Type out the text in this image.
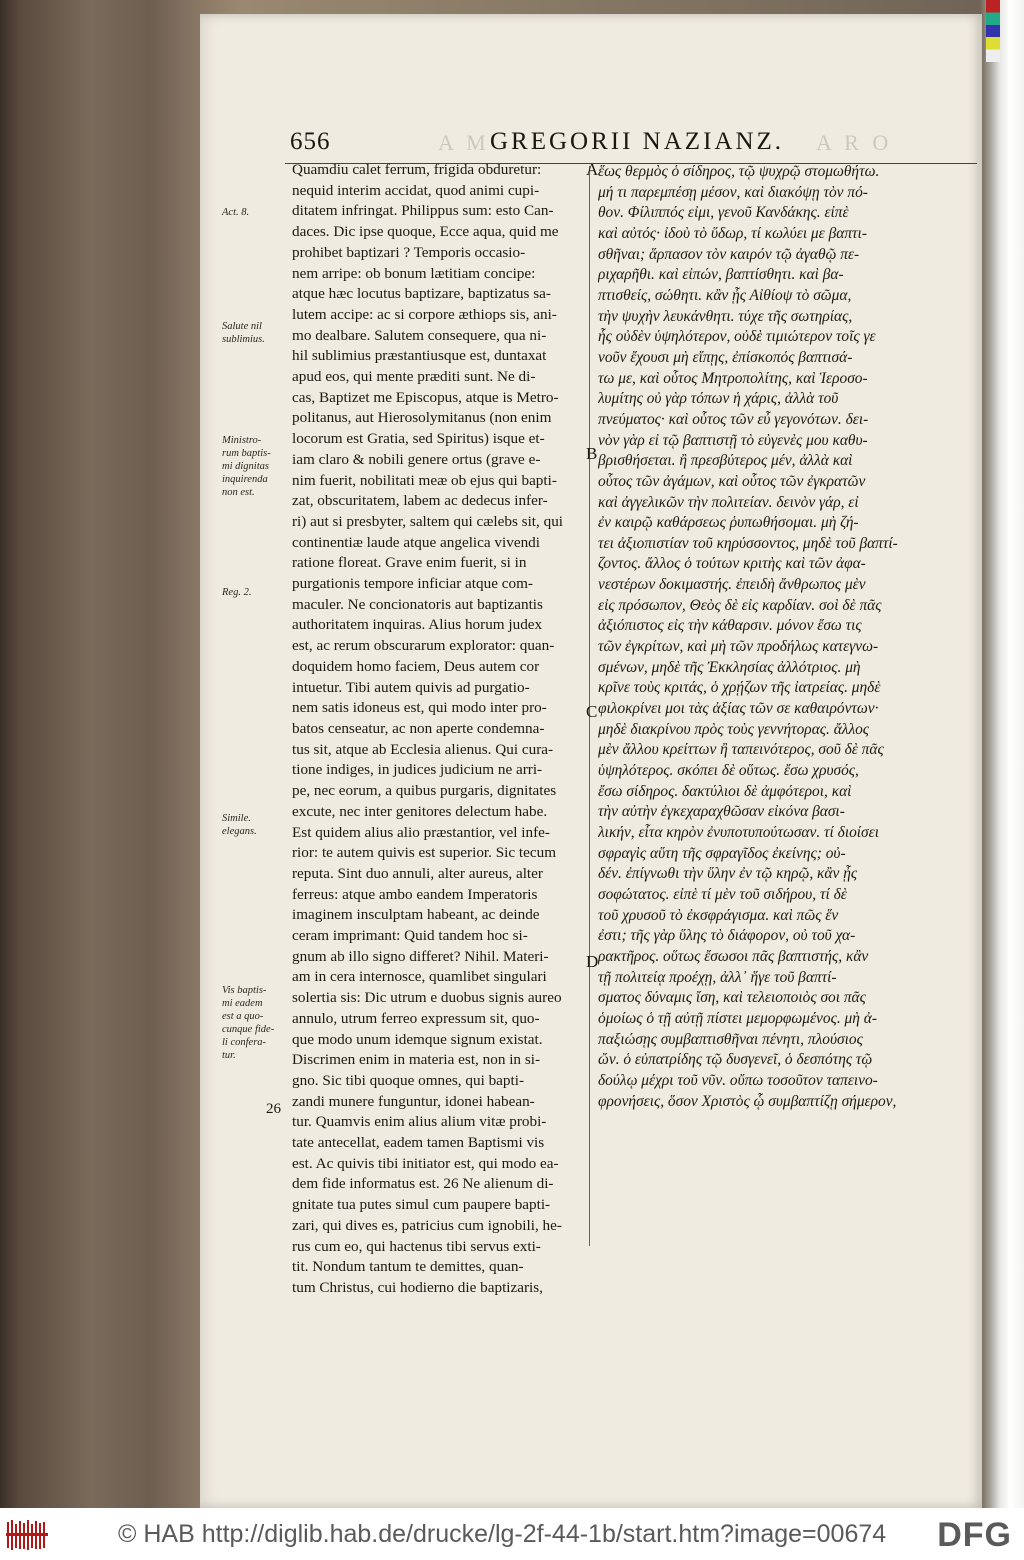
A M	A R O
656	GREGORII NAZIANZ.
Act. 8.
Salute nil
sublimius.
Ministro-
rum baptis-
mi dignitas
inquirenda
non est.
Reg. 2.
Simile.
elegans.
Vis baptis-
mi eadem
est a quo-
cunque fide-
li confera-
tur.
Quamdiu calet ferrum, frigida obduretur:
nequid interim accidat, quod animi cupi-
ditatem infringat. Philippus sum: esto Can-
daces. Dic ipse quoque, Ecce aqua, quid me
prohibet baptizari ? Temporis occasio-
nem arripe: ob bonum lætitiam concipe:
atque hæc locutus baptizare, baptizatus sa-
lutem accipe: ac si corpore æthiops sis, ani-
mo dealbare. Salutem consequere, qua ni-
hil sublimius præstantiusque est, duntaxat
apud eos, qui mente præditi sunt. Ne di-
cas, Baptizet me Episcopus, atque is Metro-
politanus, aut Hierosolymitanus (non enim
locorum est Gratia, sed Spiritus) isque et-
iam claro & nobili genere ortus (grave e-
nim fuerit, nobilitati meæ ob ejus qui bapti-
zat, obscuritatem, labem ac dedecus infer-
ri) aut si presbyter, saltem qui cælebs sit, qui
continentiæ laude atque angelica vivendi
ratione floreat. Grave enim fuerit, si in
purgationis tempore inficiar atque com-
maculer. Ne concionatoris aut baptizantis
authoritatem inquiras. Alius horum judex
est, ac rerum obscurarum explorator: quan-
doquidem homo faciem, Deus autem cor
intuetur. Tibi autem quivis ad purgatio-
nem satis idoneus est, qui modo inter pro-
batos censeatur, ac non aperte condemna-
tus sit, atque ab Ecclesia alienus. Qui cura-
tione indiges, in judices judicium ne arri-
pe, nec eorum, a quibus purgaris, dignitates
excute, nec inter genitores delectum habe.
Est quidem alius alio præstantior, vel infe-
rior: te autem quivis est superior. Sic tecum
reputa. Sint duo annuli, alter aureus, alter
ferreus: atque ambo eandem Imperatoris
imaginem insculptam habeant, ac deinde
ceram imprimant: Quid tandem hoc si-
gnum ab illo signo differet? Nihil. Materi-
am in cera internosce, quamlibet singulari
solertia sis: Dic utrum e duobus signis aureo
annulo, utrum ferreo expressum sit, quo-
que modo unum idemque signum existat.
Discrimen enim in materia est, non in si-
gno. Sic tibi quoque omnes, qui bapti-
zandi munere funguntur, idonei habean-
tur. Quamvis enim alius alium vitæ probi-
tate antecellat, eadem tamen Baptismi vis
est. Ac quivis tibi initiator est, qui modo ea-
dem fide informatus est. 26 Ne alienum di-
gnitate tua putes simul cum paupere bapti-
zari, qui dives es, patricius cum ignobili, he-
rus cum eo, qui hactenus tibi servus exti-
tit. Nondum tantum te demittes, quan-
tum Christus, cui hodierno die baptizaris,
26
A
B
C
D
ἕως θερμὸς ὁ σίδηρος, τῷ ψυχρῷ στομωθήτω.
μή τι παρεμπέσῃ μέσον, καὶ διακόψῃ τὸν πό-
θον. Φίλιππός εἰμι, γενοῦ Κανδάκης. εἰπὲ
καὶ αὐτός· ἰδοὺ τὸ ὕδωρ, τί κωλύει με βαπτι-
σθῆναι; ἅρπασον τὸν καιρόν τῷ ἀγαθῷ πε-
ριχαρῆθι. καὶ εἰπών, βαπτίσθητι. καὶ βα-
πτισθείς, σώθητι. κἂν ᾖς Αἰθίοψ τὸ σῶμα,
τὴν ψυχὴν λευκάνθητι. τύχε τῆς σωτηρίας,
ἧς οὐδὲν ὑψηλότερον, οὐδὲ τιμιώτερον τοῖς γε
νοῦν ἔχουσι μὴ εἴπῃς, ἐπίσκοπός βαπτισά-
τω με, καὶ οὗτος Μητροπολίτης, καὶ Ἱεροσο-
λυμίτης οὐ γὰρ τόπων ἡ χάρις, ἀλλὰ τοῦ
πνεύματος· καὶ οὗτος τῶν εὖ γεγονότων. δει-
νὸν γὰρ εἰ τῷ βαπτιστῇ τὸ εὐγενὲς μου καθυ-
βρισθήσεται. ἢ πρεσβύτερος μέν, ἀλλὰ καὶ
οὗτος τῶν ἀγάμων, καὶ οὗτος τῶν ἐγκρατῶν
καὶ ἀγγελικῶν τὴν πολιτείαν. δεινὸν γάρ, εἰ
ἐν καιρῷ καθάρσεως ῥυπωθήσομαι. μὴ ζή-
τει ἀξιοπιστίαν τοῦ κηρύσσοντος, μηδὲ τοῦ βαπτί-
ζοντος. ἄλλος ὁ τούτων κριτὴς καὶ τῶν ἀφα-
νεστέρων δοκιμαστής. ἐπειδὴ ἄνθρωπος μὲν
εἰς πρόσωπον, Θεὸς δὲ εἰς καρδίαν. σοὶ δὲ πᾶς
ἀξιόπιστος εἰς τὴν κάθαρσιν. μόνον ἔσω τις
τῶν ἐγκρίτων, καὶ μὴ τῶν προδήλως κατεγνω-
σμένων, μηδὲ τῆς Ἐκκλησίας ἀλλότριος. μὴ
κρῖνε τοὺς κριτάς, ὁ χρῄζων τῆς ἰατρείας. μηδὲ
φιλοκρίνει μοι τὰς ἀξίας τῶν σε καθαιρόντων·
μηδὲ διακρίνου πρὸς τοὺς γεννήτορας. ἄλλος
μὲν ἄλλου κρείττων ἢ ταπεινότερος, σοῦ δὲ πᾶς
ὑψηλότερος. σκόπει δὲ οὕτως. ἔσω χρυσός,
ἔσω σίδηρος. δακτύλιοι δὲ ἀμφότεροι, καὶ
τὴν αὐτὴν ἐγκεχαραχθῶσαν εἰκόνα βασι-
λικήν, εἶτα κηρὸν ἐνυποτυπούτωσαν. τί διοίσει
σφραγὶς αὕτη τῆς σφραγῖδος ἐκείνης; οὐ-
δέν. ἐπίγνωθι τὴν ὕλην ἐν τῷ κηρῷ, κἂν ᾖς
σοφώτατος. εἰπὲ τί μὲν τοῦ σιδήρου, τί δὲ
τοῦ χρυσοῦ τὸ ἐκσφράγισμα. καὶ πῶς ἕν
ἐστι; τῆς γὰρ ὕλης τὸ διάφορον, οὐ τοῦ χα-
ρακτῆρος. οὕτως ἔσωσοι πᾶς βαπτιστής, κἂν
τῇ πολιτείᾳ προέχῃ, ἀλλ᾽ ἥγε τοῦ βαπτί-
σματος δύναμις ἴση, καὶ τελειοποιὸς σοι πᾶς
ὁμοίως ὁ τῇ αὐτῇ πίστει μεμορφωμένος. μὴ ἀ-
παξιώσῃς συμβαπτισθῆναι πένητι, πλούσιος
ὤν. ὁ εὐπατρίδης τῷ δυσγενεῖ, ὁ δεσπότης τῷ
δούλῳ μέχρι τοῦ νῦν. οὔπω τοσοῦτον ταπεινο-
φρονήσεις, ὅσον Χριστὸς ᾧ συμβαπτίζῃ σήμερον,
© HAB http://diglib.hab.de/drucke/lg-2f-44-1b/start.htm?image=00674 DFG
